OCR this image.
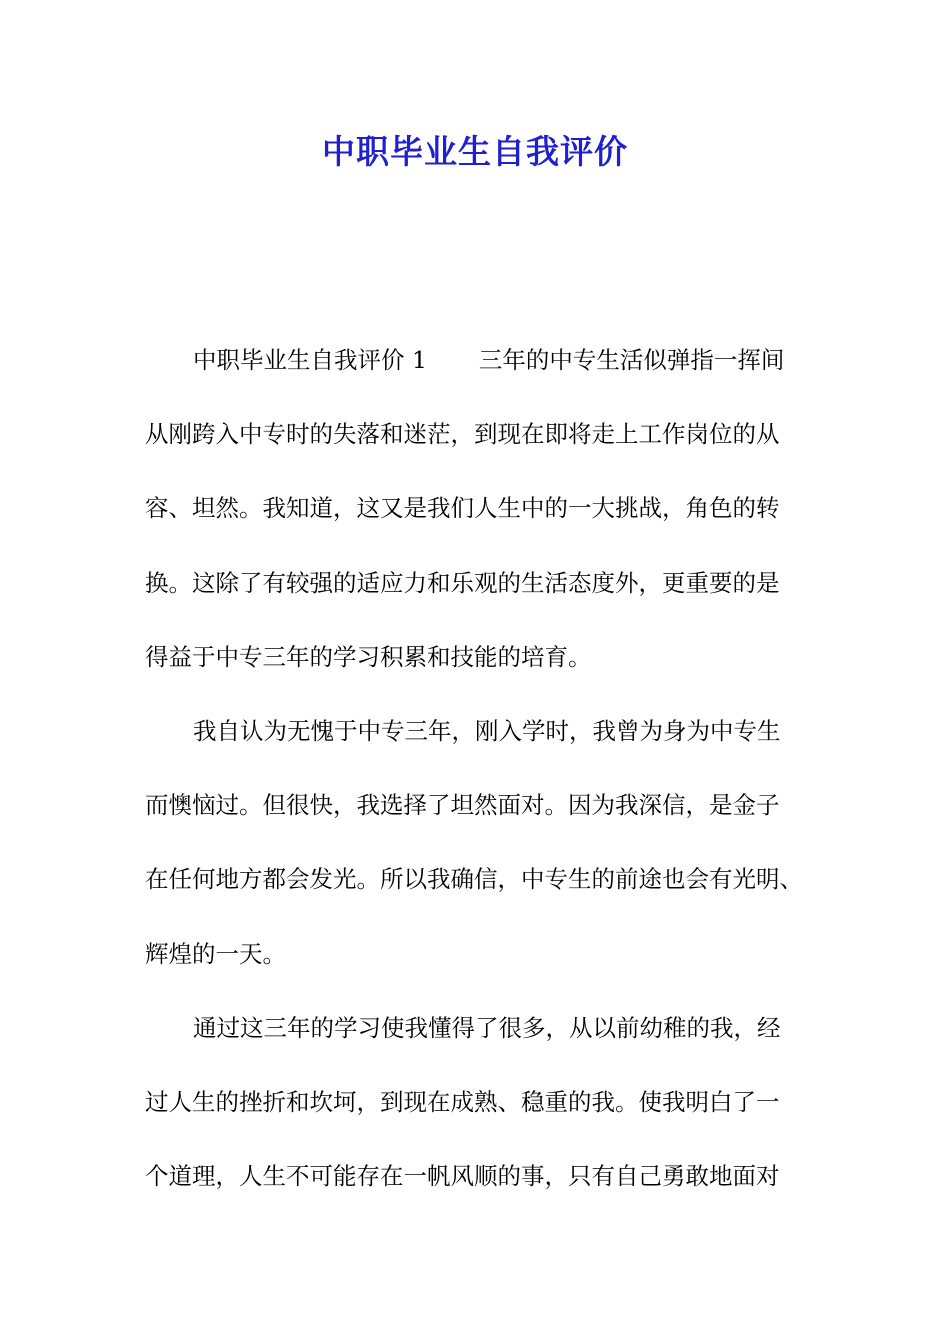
中职毕业生自我评价

中职毕业生自我评价 1 三年的中专生活似弹指一挥间

从刚跨入中专时的失落和迷茫，到现在即将走上工作岗位的从

容、坦然。我知道，这又是我们人生中的一大挑战，角色的转

换。这除了有较强的适应力和乐观的生活态度外，更重要的是

得益于中专三年的学习积累和技能的培育。

我自认为无愧于中专三年，刚入学时，我曾为身为中专生

而懊恼过。但很快，我选择了坦然面对。因为我深信，是金子

在任何地方都会发光。所以我确信，中专生的前途也会有光明、

辉煌的一天。

通过这三年的学习使我懂得了很多，从以前幼稚的我，经

过人生的挫折和坎坷，到现在成熟、稳重的我。使我明白了一

个道理，人生不可能存在一帆风顺的事，只有自己勇敢地面对
